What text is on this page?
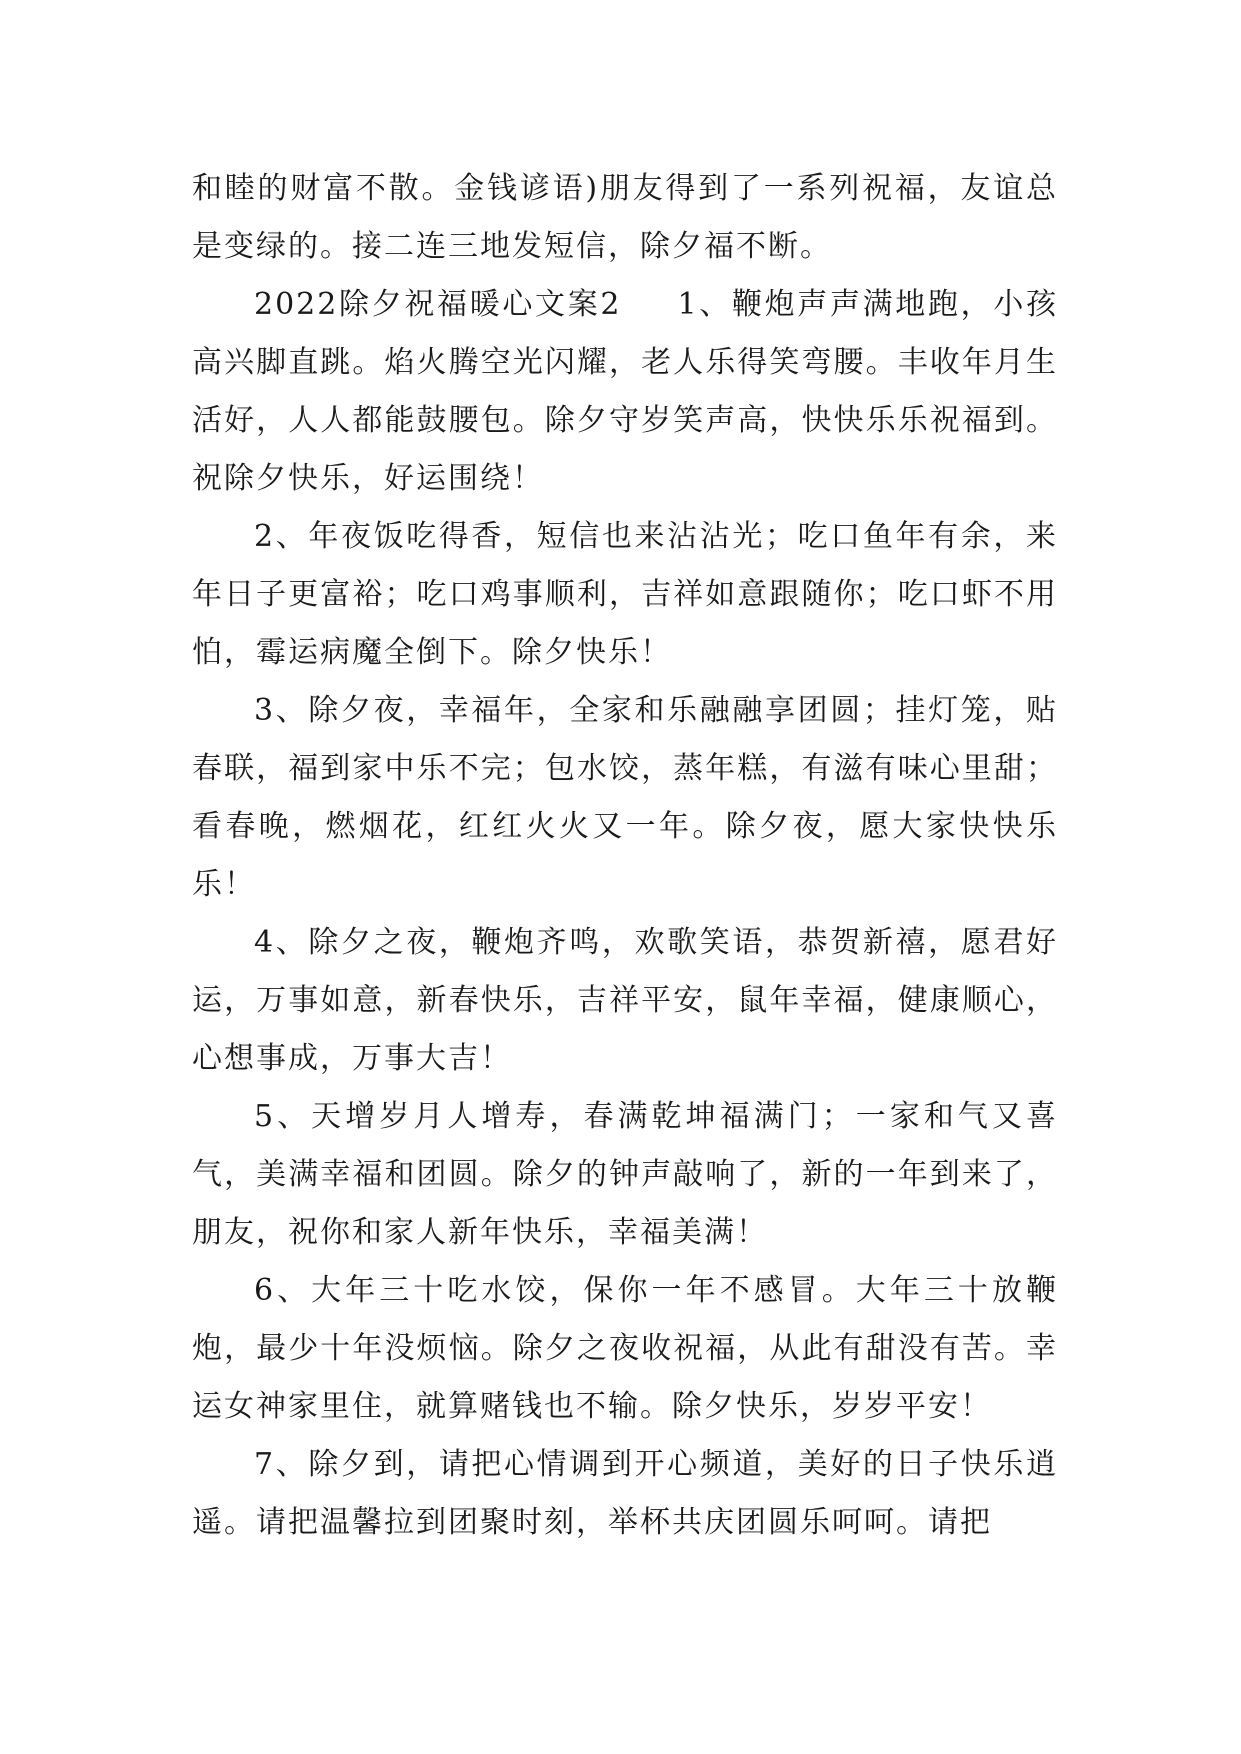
和睦的财富不散。金钱谚语)朋友得到了一系列祝福，友谊总是变绿的。接二连三地发短信，除夕福不断。

2022除夕祝福暖心文案2 1、鞭炮声声满地跑，小孩高兴脚直跳。焰火腾空光闪耀，老人乐得笑弯腰。丰收年月生活好，人人都能鼓腰包。除夕守岁笑声高，快快乐乐祝福到。祝除夕快乐，好运围绕！

2、年夜饭吃得香，短信也来沾沾光；吃口鱼年有余，来年日子更富裕；吃口鸡事顺利，吉祥如意跟随你；吃口虾不用怕，霉运病魔全倒下。除夕快乐！

3、除夕夜，幸福年，全家和乐融融享团圆；挂灯笼，贴春联，福到家中乐不完；包水饺，蒸年糕，有滋有味心里甜；看春晚，燃烟花，红红火火又一年。除夕夜，愿大家快快乐乐！

4、除夕之夜，鞭炮齐鸣，欢歌笑语，恭贺新禧，愿君好运，万事如意，新春快乐，吉祥平安，鼠年幸福，健康顺心，心想事成，万事大吉！

5、天增岁月人增寿，春满乾坤福满门；一家和气又喜气，美满幸福和团圆。除夕的钟声敲响了，新的一年到来了，朋友，祝你和家人新年快乐，幸福美满！

6、大年三十吃水饺，保你一年不感冒。大年三十放鞭炮，最少十年没烦恼。除夕之夜收祝福，从此有甜没有苦。幸运女神家里住，就算赌钱也不输。除夕快乐，岁岁平安！

7、除夕到，请把心情调到开心频道，美好的日子快乐逍遥。请把温馨拉到团聚时刻，举杯共庆团圆乐呵呵。请把
